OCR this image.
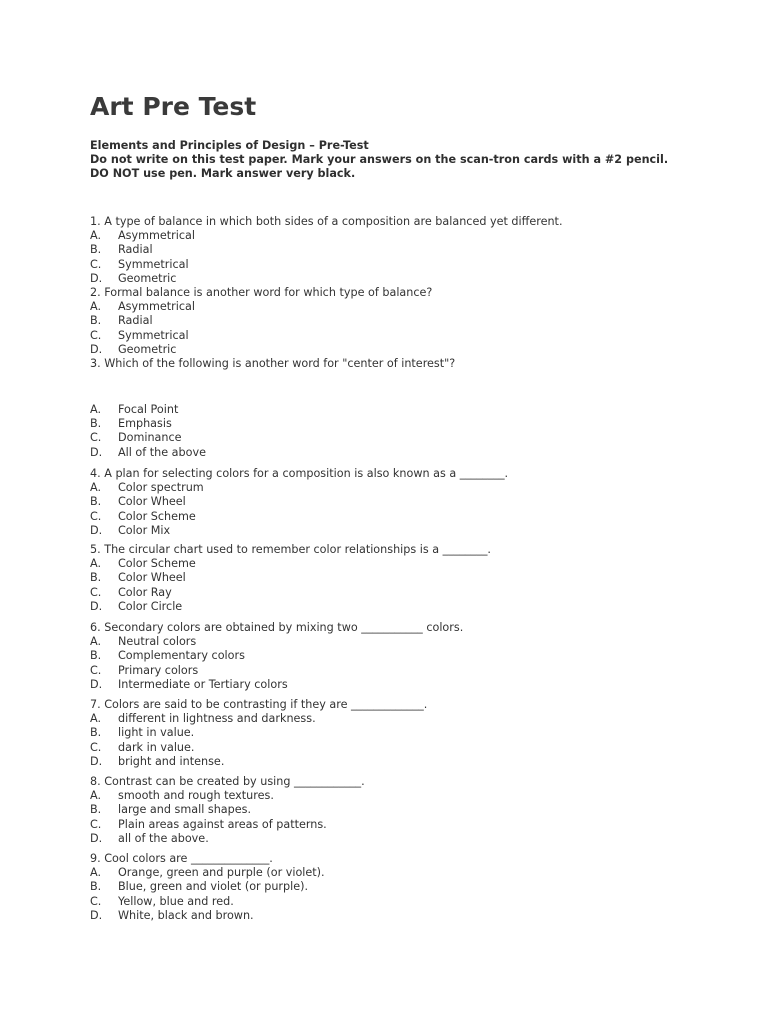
Art Pre Test
Elements and Principles of Design – Pre-Test
Do not write on this test paper. Mark your answers on the scan-tron cards with a #2 pencil.
DO NOT use pen. Mark answer very black.
1. A type of balance in which both sides of a composition are balanced yet different.
A.	Asymmetrical
B.	Radial
C.	Symmetrical
D.	Geometric
2. Formal balance is another word for which type of balance?
A.	Asymmetrical
B.	Radial
C.	Symmetrical
D.	Geometric
3. Which of the following is another word for "center of interest"?
A.	Focal Point
B.	Emphasis
C.	Dominance
D.	All of the above
4. A plan for selecting colors for a composition is also known as a ________.
A.	Color spectrum
B.	Color Wheel
C.	Color Scheme
D.	Color Mix
5. The circular chart used to remember color relationships is a ________.
A.	Color Scheme
B.	Color Wheel
C.	Color Ray
D.	Color Circle
6. Secondary colors are obtained by mixing two ___________ colors.
A.	Neutral colors
B.	Complementary colors
C.	Primary colors
D.	Intermediate or Tertiary colors
7. Colors are said to be contrasting if they are _____________.
A.	different in lightness and darkness.
B.	light in value.
C.	dark in value.
D.	bright and intense.
8. Contrast can be created by using ____________.
A.	smooth and rough textures.
B.	large and small shapes.
C.	Plain areas against areas of patterns.
D.	all of the above.
9. Cool colors are ______________.
A.	Orange, green and purple (or violet).
B.	Blue, green and violet (or purple).
C.	Yellow, blue and red.
D.	White, black and brown.
